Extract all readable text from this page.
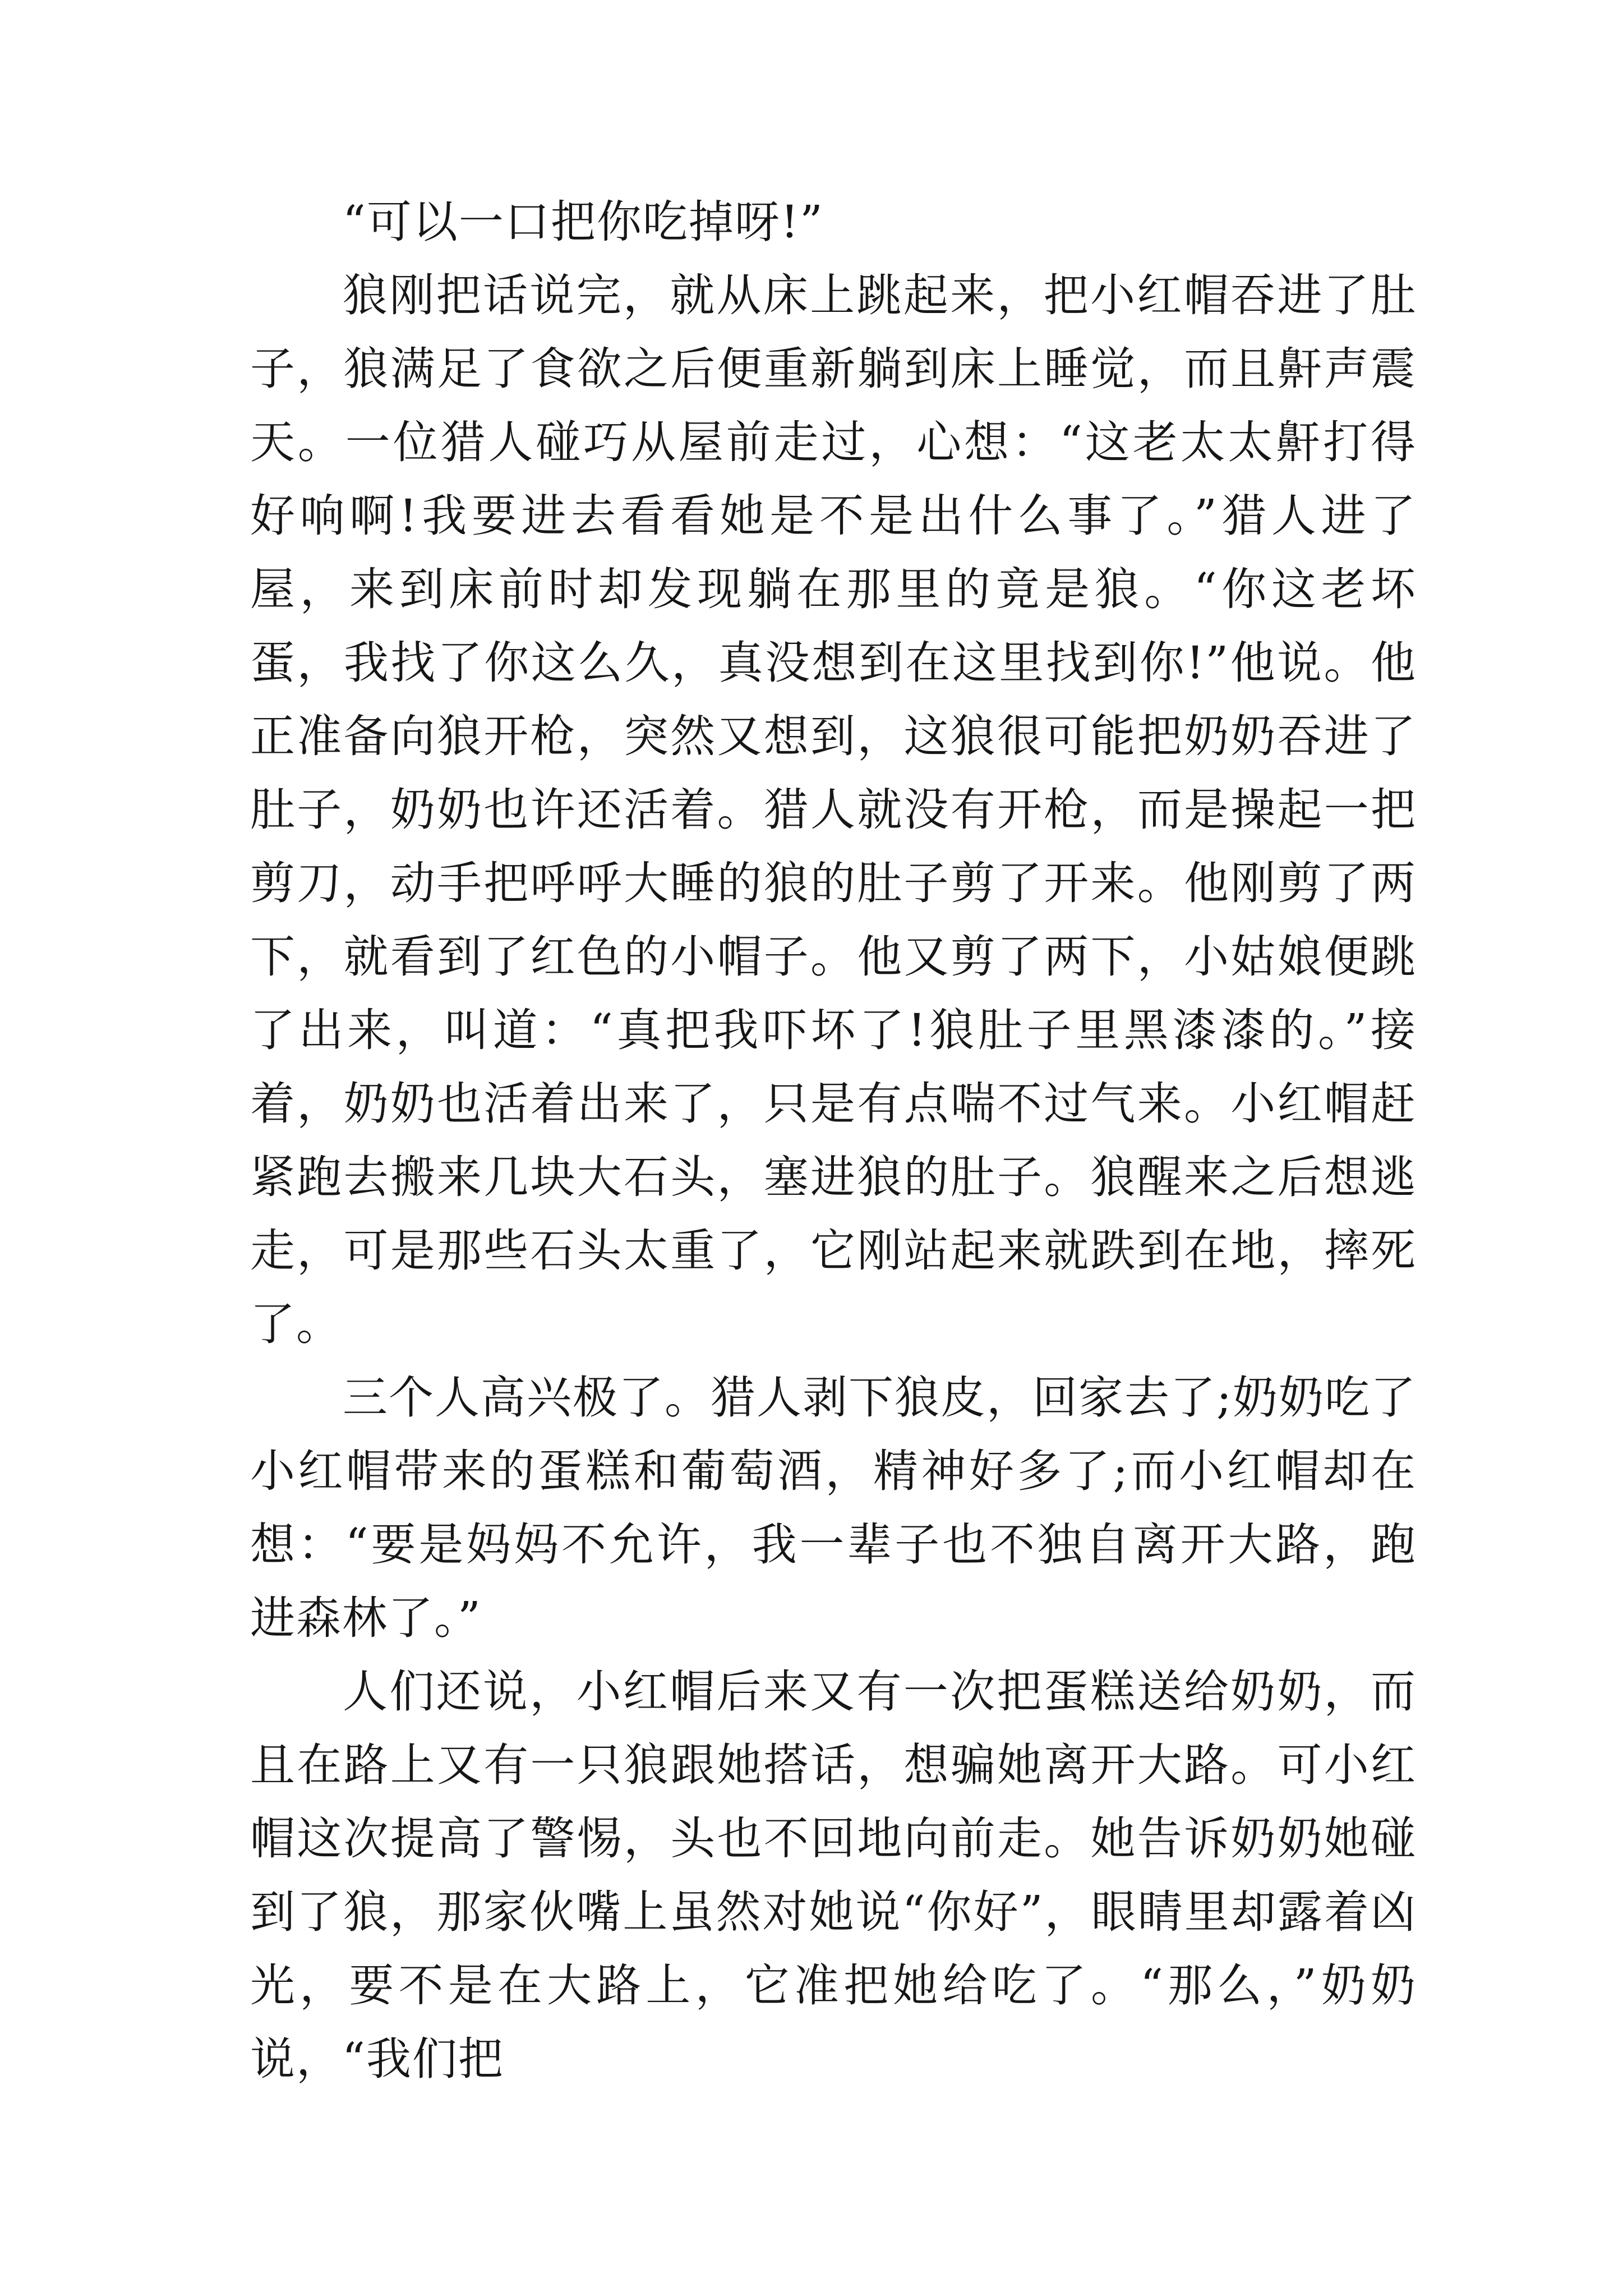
“可以一口把你吃掉呀!”

狼刚把话说完，就从床上跳起来，把小红帽吞进了肚子，狼满足了食欲之后便重新躺到床上睡觉，而且鼾声震天。一位猎人碰巧从屋前走过，心想：“这老太太鼾打得好响啊!我要进去看看她是不是出什么事了。”猎人进了屋，来到床前时却发现躺在那里的竟是狼。“你这老坏蛋，我找了你这么久，真没想到在这里找到你!”他说。他正准备向狼开枪，突然又想到，这狼很可能把奶奶吞进了肚子，奶奶也许还活着。猎人就没有开枪，而是操起一把剪刀，动手把呼呼大睡的狼的肚子剪了开来。他刚剪了两下，就看到了红色的小帽子。他又剪了两下，小姑娘便跳了出来，叫道：“真把我吓坏了!狼肚子里黑漆漆的。”接着，奶奶也活着出来了，只是有点喘不过气来。小红帽赶紧跑去搬来几块大石头，塞进狼的肚子。狼醒来之后想逃走，可是那些石头太重了，它刚站起来就跌到在地，摔死了。

三个人高兴极了。猎人剥下狼皮，回家去了;奶奶吃了小红帽带来的蛋糕和葡萄酒，精神好多了;而小红帽却在想：“要是妈妈不允许，我一辈子也不独自离开大路，跑进森林了。”

人们还说，小红帽后来又有一次把蛋糕送给奶奶，而且在路上又有一只狼跟她搭话，想骗她离开大路。可小红帽这次提高了警惕，头也不回地向前走。她告诉奶奶她碰到了狼，那家伙嘴上虽然对她说“你好”，眼睛里却露着凶光，要不是在大路上，它准把她给吃了。“那么，”奶奶说，“我们把
